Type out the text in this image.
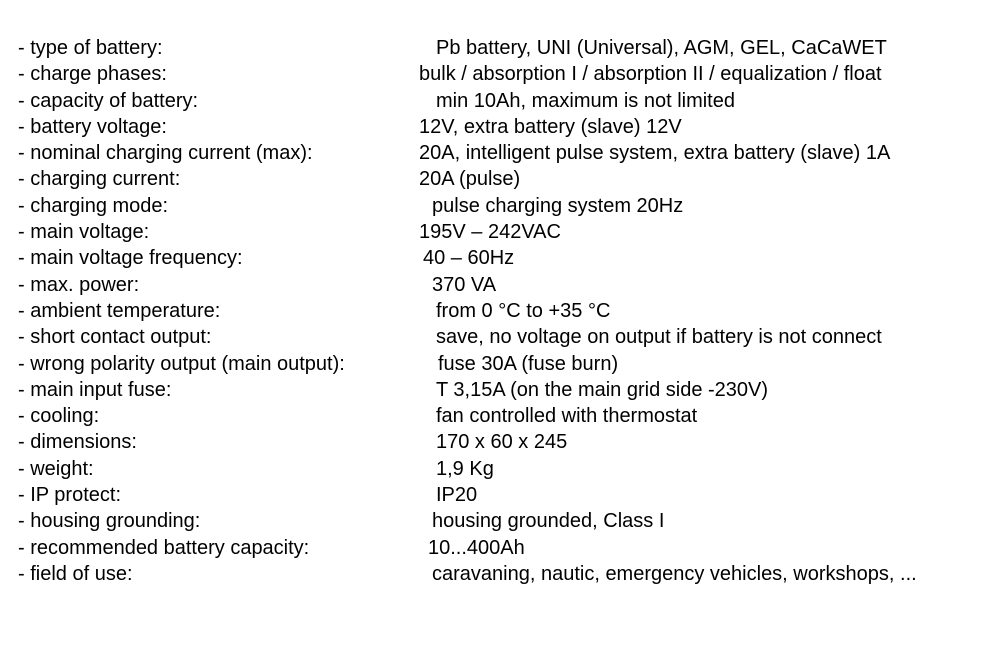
- type of battery:	Pb battery, UNI (Universal), AGM, GEL, CaCaWET
- charge phases:	bulk / absorption I / absorption II / equalization / float
- capacity of battery:	min 10Ah, maximum is not limited
- battery voltage:	12V, extra battery (slave) 12V
- nominal charging current (max):	20A, intelligent pulse system, extra battery (slave) 1A
- charging current:	20A (pulse)
- charging mode:	pulse charging system 20Hz
- main voltage:	195V – 242VAC
- main voltage frequency:	40 – 60Hz
- max. power:	370 VA
- ambient temperature:	from 0 °C to +35 °C
- short contact output:	save, no voltage on output if battery is not connect
- wrong polarity output (main output):	fuse 30A (fuse burn)
- main input fuse:	T 3,15A (on the main grid side -230V)
- cooling:	fan controlled with thermostat
- dimensions:	170 x 60 x 245
- weight:	1,9 Kg
- IP protect:	IP20
- housing grounding:	housing grounded, Class I
- recommended battery capacity:	10...400Ah
- field of use:	caravaning, nautic, emergency vehicles, workshops, ...
